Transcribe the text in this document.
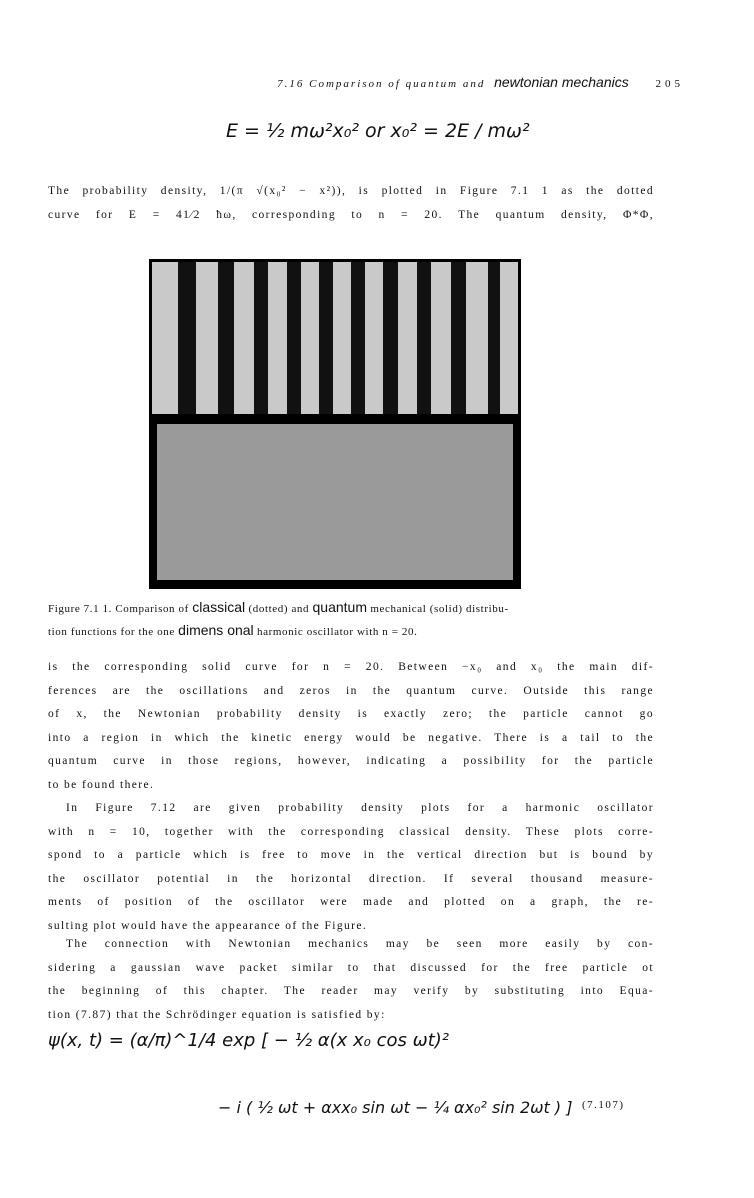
7.16 Comparison of quantum and newtonian mechanics 205
E = ½ mω²x₀² or x₀² = 2E / mω²
The probability density, 1/(π √(x₀² − x²)), is plotted in Figure 7.1 1 as the dotted
curve for E = 41⁄2 ħω, corresponding to n = 20. The quantum density, Φ*Φ,
Figure 7.1 1. Comparison of classical (dotted) and quantum mechanical (solid) distribu-
tion functions for the one dimens onal harmonic oscillator with n = 20.
is the corresponding solid curve for n = 20. Between −x₀ and x₀ the main dif-
ferences are the oscillations and zeros in the quantum curve. Outside this range
of x, the Newtonian probability density is exactly zero; the particle cannot go
into a region in which the kinetic energy would be negative. There is a tail to the
quantum curve in those regions, however, indicating a possibility for the particle
to be found there.
In Figure 7.12 are given probability density plots for a harmonic oscillator
with n = 10, together with the corresponding classical density. These plots corre-
spond to a particle which is free to move in the vertical direction but is bound by
the oscillator potential in the horizontal direction. If several thousand measure-
ments of position of the oscillator were made and plotted on a graph, the re-
sulting plot would have the appearance of the Figure.
The connection with Newtonian mechanics may be seen more easily by con-
sidering a gaussian wave packet similar to that discussed for the free particle ot
the beginning of this chapter. The reader may verify by substituting into Equa-
tion (7.87) that the Schrödinger equation is satisfied by:
ψ(x, t) = (α/π)^1/4 exp [ − ½ α(x x₀ cos ωt)²
− i ( ½ ωt + αxx₀ sin ωt − ¼ αx₀² sin 2ωt ) ] (7.107)
